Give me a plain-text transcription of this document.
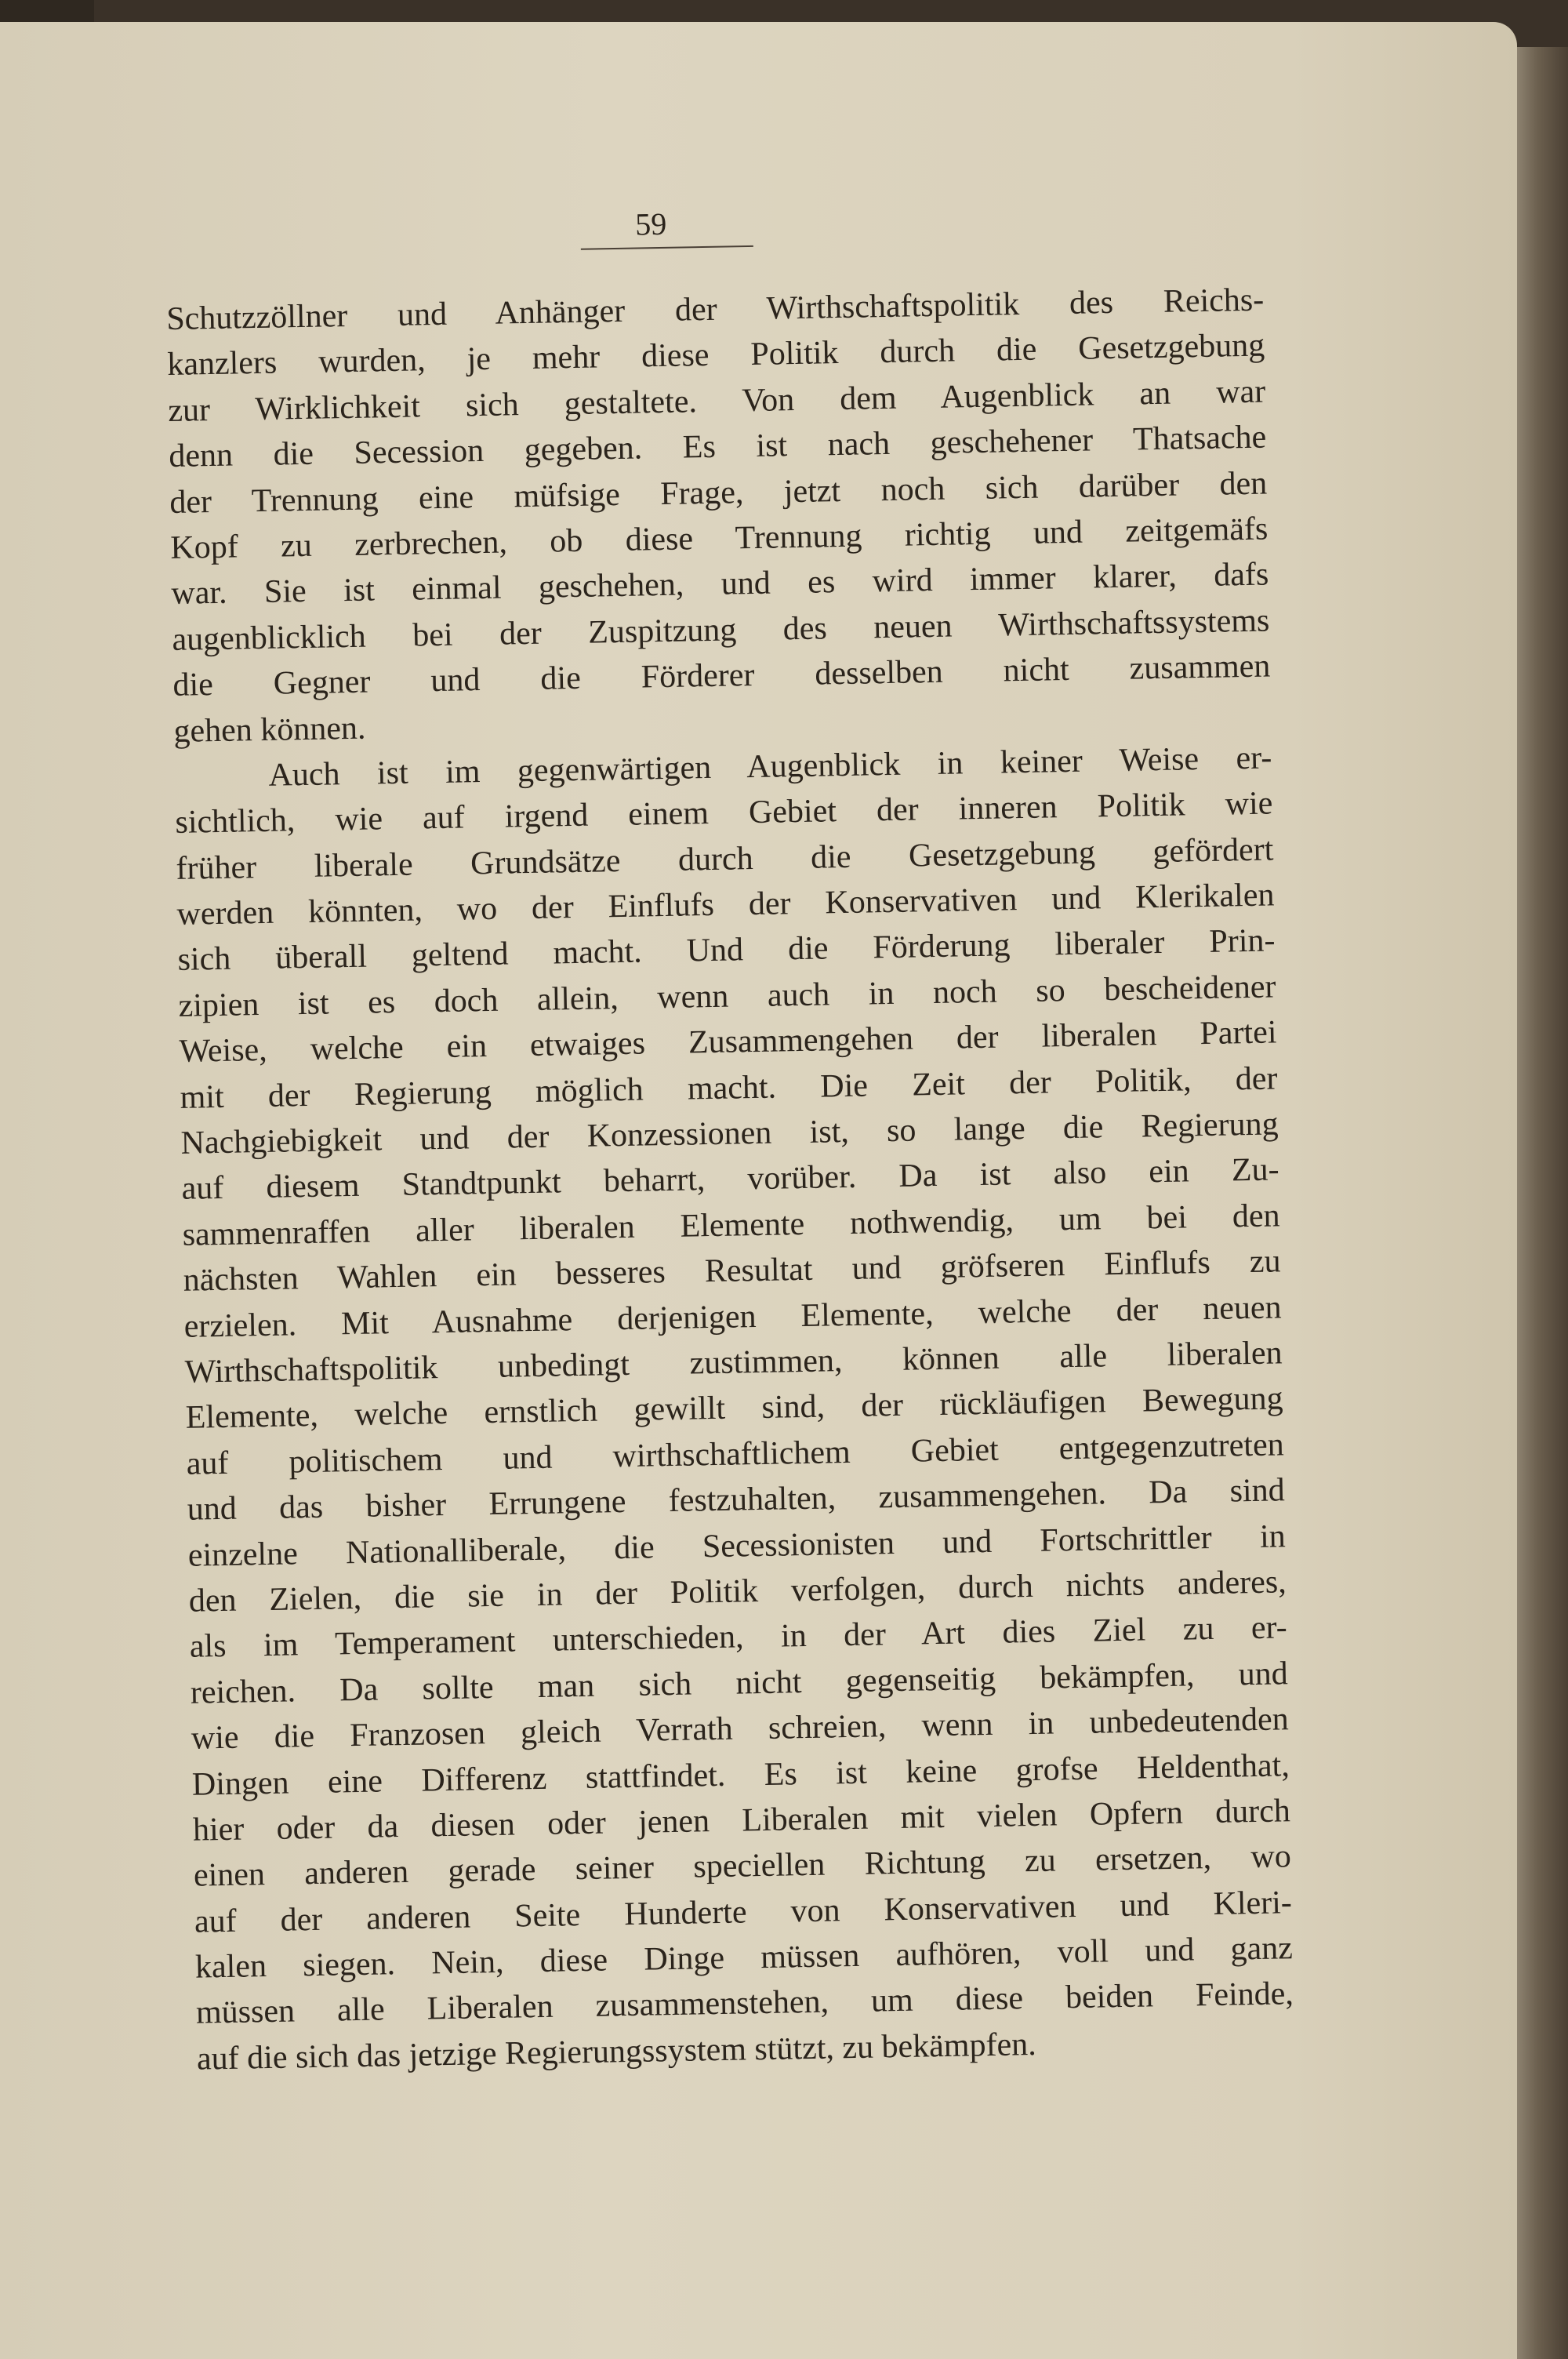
59
Schutzzöllner und Anhänger der Wirthschaftspolitik des Reichs-
kanzlers wurden, je mehr diese Politik durch die Gesetzgebung
zur Wirklichkeit sich gestaltete. Von dem Augenblick an war
denn die Secession gegeben. Es ist nach geschehener Thatsache
der Trennung eine müfsige Frage, jetzt noch sich darüber den
Kopf zu zerbrechen, ob diese Trennung richtig und zeitgemäfs
war. Sie ist einmal geschehen, und es wird immer klarer, dafs
augenblicklich bei der Zuspitzung des neuen Wirthschaftssystems
die Gegner und die Förderer desselben nicht zusammen
gehen können.
Auch ist im gegenwärtigen Augenblick in keiner Weise er-
sichtlich, wie auf irgend einem Gebiet der inneren Politik wie
früher liberale Grundsätze durch die Gesetzgebung gefördert
werden könnten, wo der Einflufs der Konservativen und Klerikalen
sich überall geltend macht. Und die Förderung liberaler Prin-
zipien ist es doch allein, wenn auch in noch so bescheidener
Weise, welche ein etwaiges Zusammengehen der liberalen Partei
mit der Regierung möglich macht. Die Zeit der Politik, der
Nachgiebigkeit und der Konzessionen ist, so lange die Regierung
auf diesem Standtpunkt beharrt, vorüber. Da ist also ein Zu-
sammenraffen aller liberalen Elemente nothwendig, um bei den
nächsten Wahlen ein besseres Resultat und gröfseren Einflufs zu
erzielen. Mit Ausnahme derjenigen Elemente, welche der neuen
Wirthschaftspolitik unbedingt zustimmen, können alle liberalen
Elemente, welche ernstlich gewillt sind, der rückläufigen Bewegung
auf politischem und wirthschaftlichem Gebiet entgegenzutreten
und das bisher Errungene festzuhalten, zusammengehen. Da sind
einzelne Nationalliberale, die Secessionisten und Fortschrittler in
den Zielen, die sie in der Politik verfolgen, durch nichts anderes,
als im Temperament unterschieden, in der Art dies Ziel zu er-
reichen. Da sollte man sich nicht gegenseitig bekämpfen, und
wie die Franzosen gleich Verrath schreien, wenn in unbedeutenden
Dingen eine Differenz stattfindet. Es ist keine grofse Heldenthat,
hier oder da diesen oder jenen Liberalen mit vielen Opfern durch
einen anderen gerade seiner speciellen Richtung zu ersetzen, wo
auf der anderen Seite Hunderte von Konservativen und Kleri-
kalen siegen. Nein, diese Dinge müssen aufhören, voll und ganz
müssen alle Liberalen zusammenstehen, um diese beiden Feinde,
auf die sich das jetzige Regierungssystem stützt, zu bekämpfen.
